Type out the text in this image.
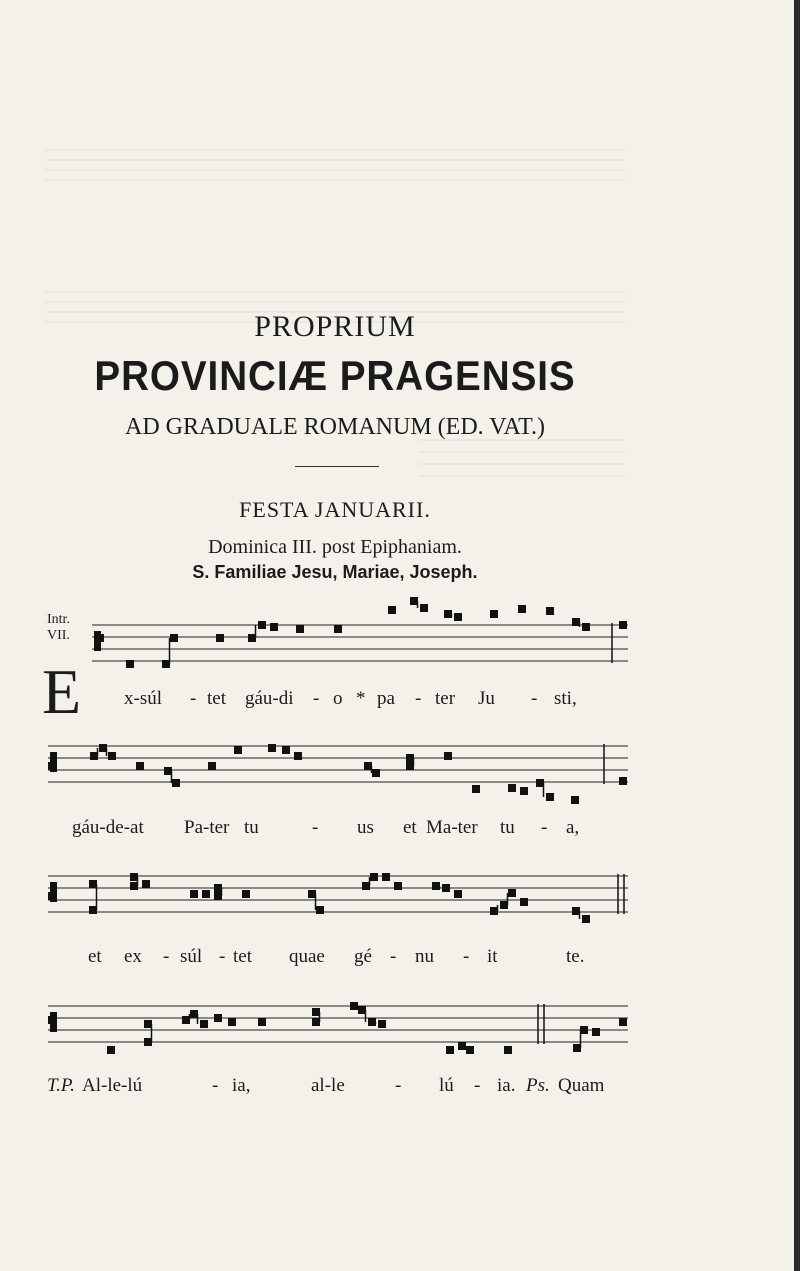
PROPRIUM
PROVINCIÆ PRAGENSIS
AD GRADUALE ROMANUM (ED. VAT.)
FESTA JANUARII.
Dominica III. post Epiphaniam.
S. Familiae Jesu, Mariae, Joseph.
Intr.
VII.
E x-súl - tet gáu-di - o * pa - ter Ju - sti,
gáu-de-at Pa-ter tu	- us et Ma-ter tu - a,
et ex - súl - tet quae gé - nu - it	te.
T.P. Al-le-lú	- ia,	al-le	- lú - ia. Ps. Quam
